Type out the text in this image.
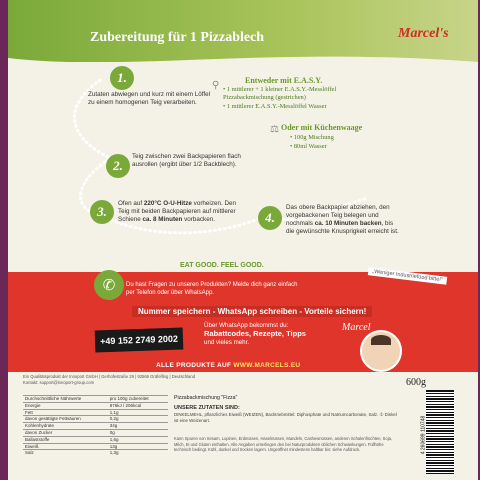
Zubereitung für 1 Pizzablech	Marcel's
1.
Zutaten abwiegen und kurz mit einem Löffel zu einem homogenen Teig verarbeiten.
Entweder mit E.A.S.Y.
• 1 mittlerer + 1 kleiner E.A.S.Y.-Messlöffel Pizzabackmischung (gestrichen)
• 1 mittlerer E.A.S.Y.-Messlöffel Wasser
⚲
Oder mit Küchenwaage
• 100g Mischung
• 80ml Wasser
⚖
2.
Teig zwischen zwei Backpapieren flach ausrollen (ergibt über 1/2 Backblech).
3.
Ofen auf 220°C O-U-Hitze vorheizen. Den Teig mit beiden Backpapieren auf mittlerer Schiene ca. 8 Minuten vorbacken.	4.
Das obere Backpapier abziehen, den vorgebackenen Teig belegen und nochmals ca. 10 Minuten backen, bis die gewünschte Knusprigkeit erreicht ist.
EAT GOOD. FEEL GOOD.
✆	Du hast Fragen zu unseren Produkten? Melde dich ganz einfach per Telefon oder über WhatsApp.
„Weniger Industriefood bitte!"
Nummer speichern - WhatsApp schreiben - Vorteile sichern!
+49 152 2749 2002
Über WhatsApp bekommst du:
Rabattcodes, Rezepte, Tipps
und vieles mehr.
Marcel
ALLE PRODUKTE AUF WWW.MARCELS.EU
Ein Qualitätsprodukt der Innoport GmbH | Gerhofestraße 29 | 92566 Gräfelfing | Deutschland
Kontakt: support@innoport-group.com	600g
Durchschnittliche Nährwerte	pro 100g zubereitet
Energie	876kJ / 206kcal
Fett	1,1g
davon gesättigte Fettsäuren	0,2g
Kohlenhydrate	34g
davon Zucker	0g
Ballaststoffe	1,6g
Eiweiß	13g
Salz	1,3g
Pizzabackmischung "Fizza"
UNSERE ZUTATEN SIND:
DINKELMEHL, pflanzliches Eiweiß (WEIZEN), Backtriebmittel: Diphosphate und Natriumcarbonate, Salz. ① Dinkel ist eine Weizenart.
Kann Spuren von Sesam, Lupinen, Erdnüssen, Haselnüssen, Mandeln, Cashewnüssen, anderen Schalenfrüchten, Soja, Milch, Ei und Gluten enthalten. Alle Angaben unterliegen den bei Naturprodukten üblichen Schwankungen. Füllhöhe technisch bedingt. Kühl, dunkel und trocken lagern. Ungeöffnet mindestens haltbar bis: siehe Aufdruck.	4 260699 110748
